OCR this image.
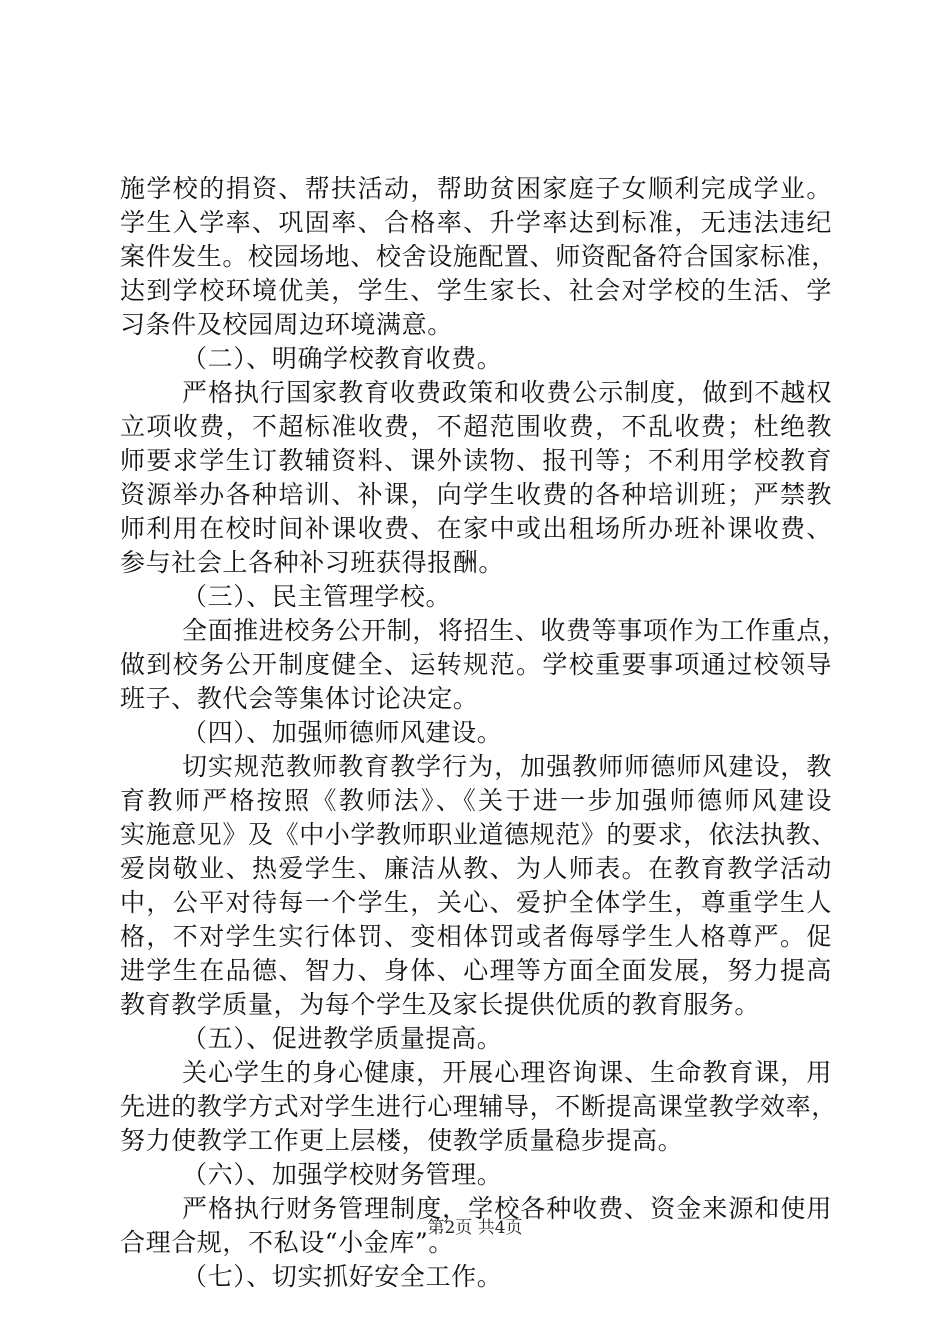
施学校的捐资、帮扶活动，帮助贫困家庭子女顺利完成学业。
学生入学率、巩固率、合格率、升学率达到标准，无违法违纪
案件发生。校园场地、校舍设施配置、师资配备符合国家标准，
达到学校环境优美，学生、学生家长、社会对学校的生活、学
习条件及校园周边环境满意。
（二）、明确学校教育收费。
严格执行国家教育收费政策和收费公示制度，做到不越权
立项收费，不超标准收费，不超范围收费，不乱收费；杜绝教
师要求学生订教辅资料、课外读物、报刊等；不利用学校教育
资源举办各种培训、补课，向学生收费的各种培训班；严禁教
师利用在校时间补课收费、在家中或出租场所办班补课收费、
参与社会上各种补习班获得报酬。
（三）、民主管理学校。
全面推进校务公开制，将招生、收费等事项作为工作重点，
做到校务公开制度健全、运转规范。学校重要事项通过校领导
班子、教代会等集体讨论决定。
（四）、加强师德师风建设。
切实规范教师教育教学行为，加强教师师德师风建设，教
育教师严格按照《教师法》、《关于进一步加强师德师风建设
实施意见》及《中小学教师职业道德规范》的要求，依法执教、
爱岗敬业、热爱学生、廉洁从教、为人师表。在教育教学活动
中，公平对待每一个学生，关心、爱护全体学生，尊重学生人
格，不对学生实行体罚、变相体罚或者侮辱学生人格尊严。促
进学生在品德、智力、身体、心理等方面全面发展，努力提高
教育教学质量，为每个学生及家长提供优质的教育服务。
（五）、促进教学质量提高。
关心学生的身心健康，开展心理咨询课、生命教育课，用
先进的教学方式对学生进行心理辅导，不断提高课堂教学效率，
努力使教学工作更上层楼，使教学质量稳步提高。
（六）、加强学校财务管理。
严格执行财务管理制度，学校各种收费、资金来源和使用
合理合规，不私设“小金库”。
（七）、切实抓好安全工作。
第2页 共4页
